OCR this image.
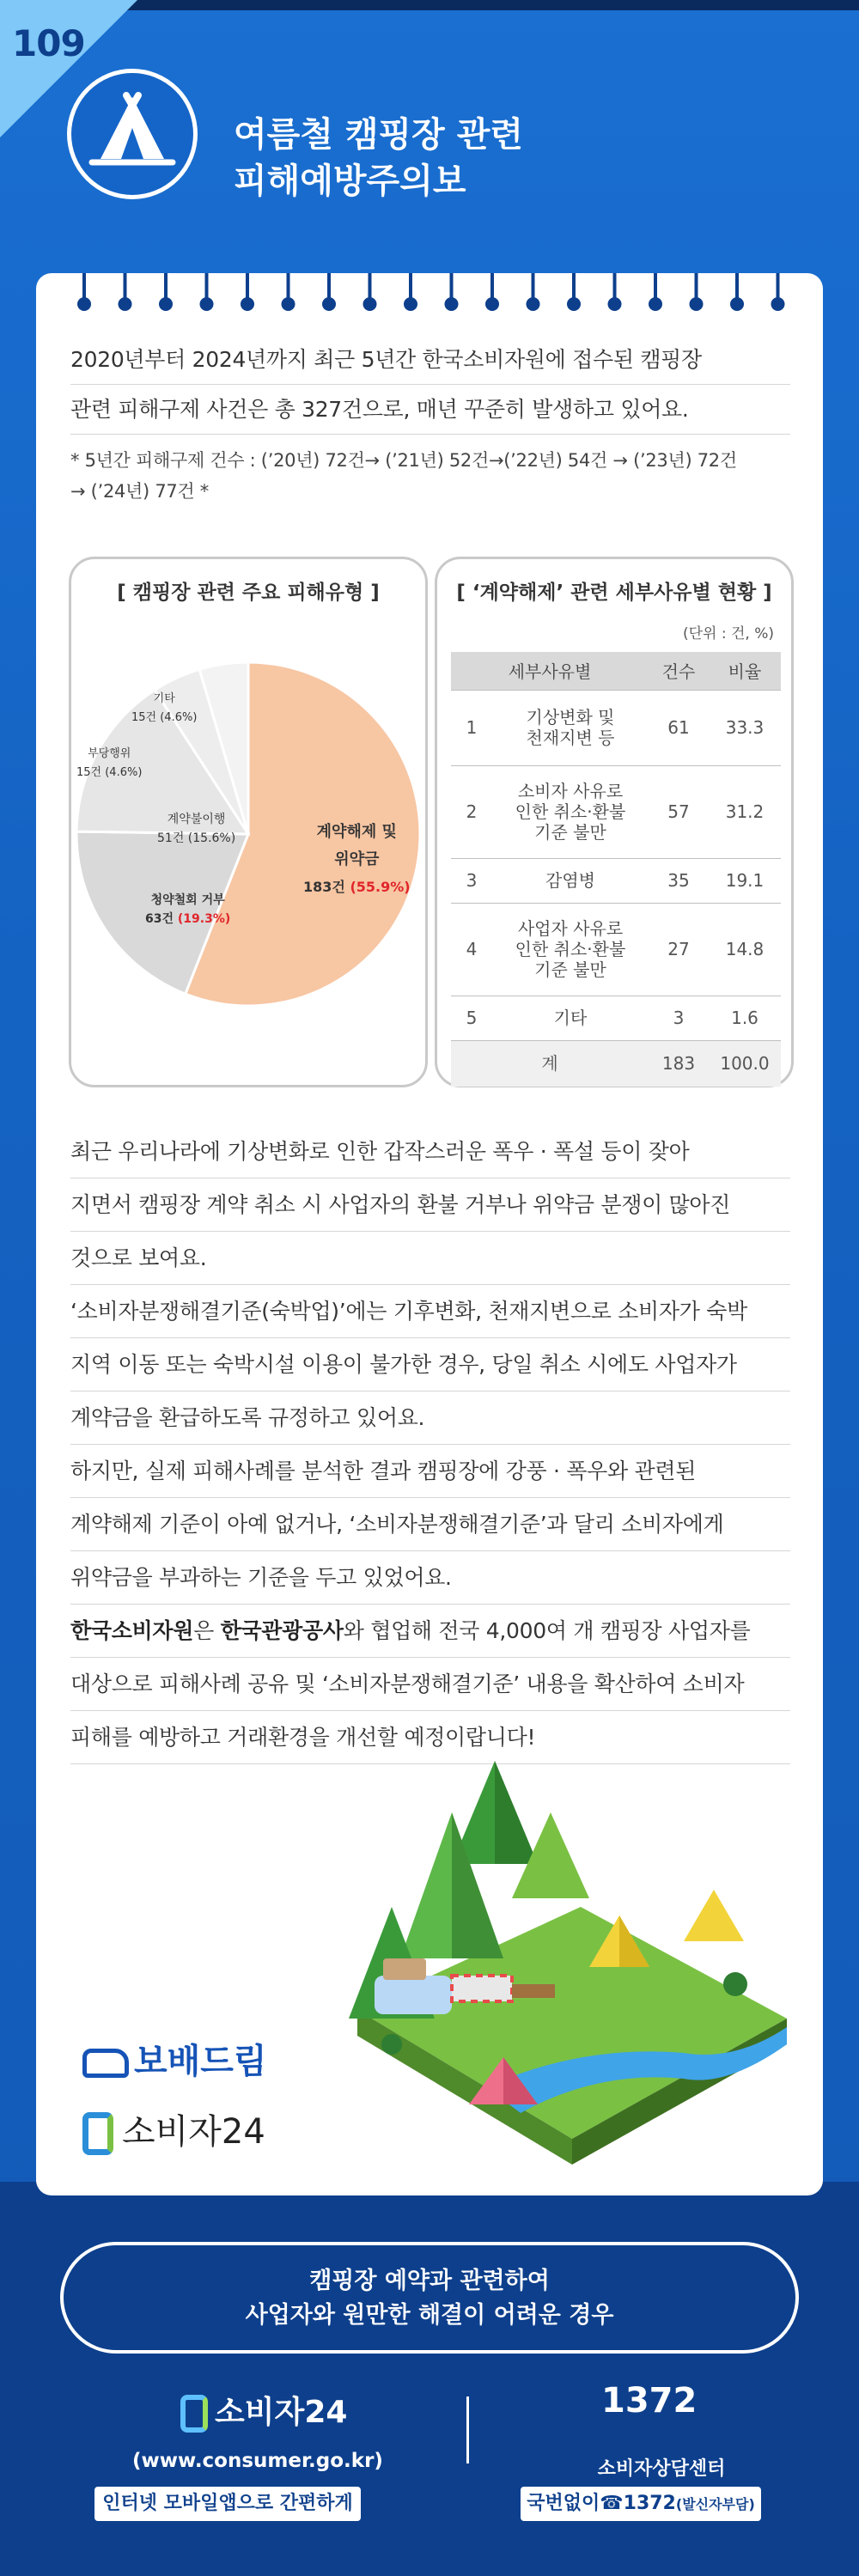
109
여름철 캠핑장 관련
피해예방주의보
2020년부터 2024년까지 최근 5년간 한국소비자원에 접수된 캠핑장
관련 피해구제 사건은 총 327건으로, 매년 꾸준히 발생하고 있어요.
* 5년간 피해구제 건수 : (’20년) 72건→ (’21년) 52건→(’22년) 54건 → (’23년) 72건
→ (’24년) 77건 *
[ 캠핑장 관련 주요 피해유형 ]
계약해제 및
위약금
183건 (55.9%)
청약철회 거부
63건 (19.3%)
계약불이행
51건 (15.6%)
부당행위
15건 (4.6%)
기타
15건 (4.6%)
[ ‘계약해제’ 관련 세부사유별 현황 ]
(단위 : 건, %)
세부사유별		건수	비율
1	기상변화 및
천재지변 등	61	33.3
2	소비자 사유로
인한 취소·환불
기준 불만	57	31.2
3	감염병	35	19.1
4	사업자 사유로
인한 취소·환불
기준 불만	27	14.8
5	기타	3	1.6
계		183	100.0
최근 우리나라에 기상변화로 인한 갑작스러운 폭우 · 폭설 등이 잦아
지면서 캠핑장 계약 취소 시 사업자의 환불 거부나 위약금 분쟁이 많아진
것으로 보여요.
‘소비자분쟁해결기준(숙박업)’에는 기후변화, 천재지변으로 소비자가 숙박
지역 이동 또는 숙박시설 이용이 불가한 경우, 당일 취소 시에도 사업자가
계약금을 환급하도록 규정하고 있어요.
하지만, 실제 피해사례를 분석한 결과 캠핑장에 강풍 · 폭우와 관련된
계약해제 기준이 아예 없거나, ‘소비자분쟁해결기준’과 달리 소비자에게
위약금을 부과하는 기준을 두고 있었어요.
한국소비자원은 한국관광공사와 협업해 전국 4,000여 개 캠핑장 사업자를
대상으로 피해사례 공유 및 ‘소비자분쟁해결기준’ 내용을 확산하여 소비자
피해를 예방하고 거래환경을 개선할 예정이랍니다!
보배드림
소비자24
캠핑장 예약과 관련하여
사업자와 원만한 해결이 어려운 경우
소비자24
(www.consumer.go.kr)
인터넷 모바일앱으로 간편하게
1372
소비자상담센터
국번없이☎1372(발신자부담)
